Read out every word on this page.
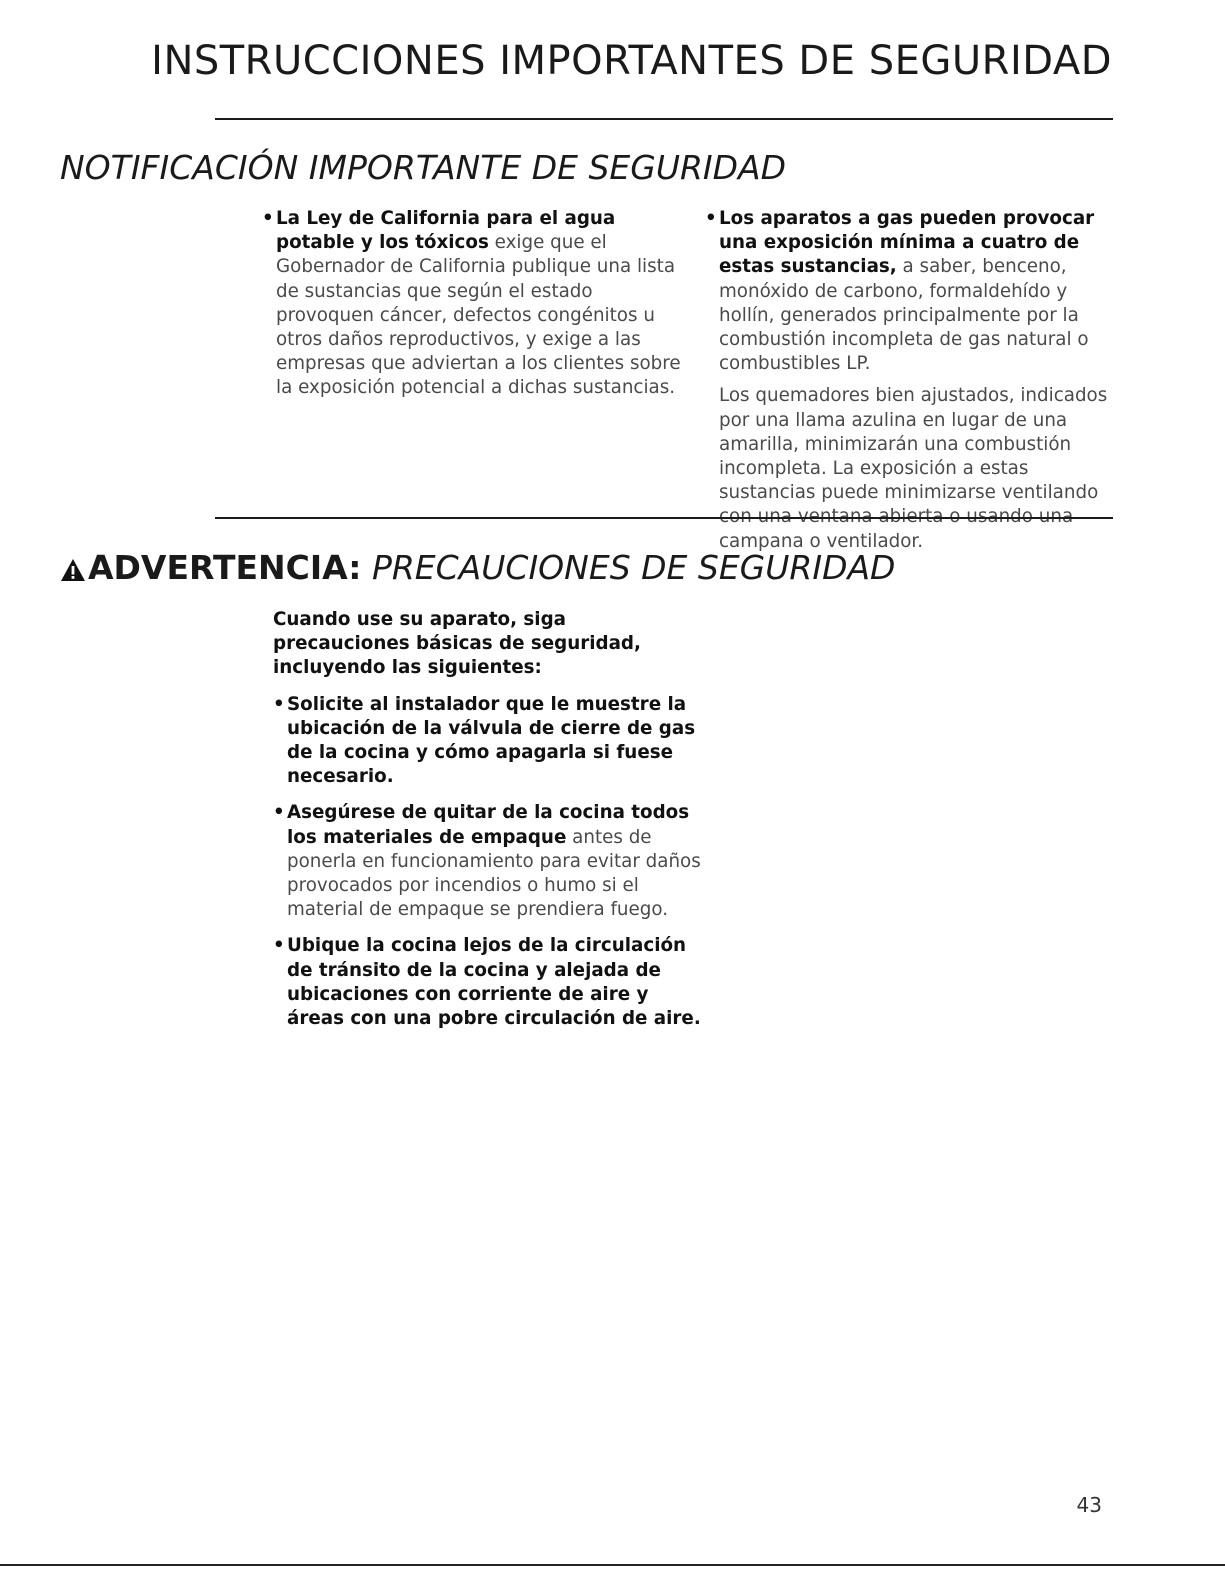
INSTRUCCIONES IMPORTANTES DE SEGURIDAD
NOTIFICACIÓN IMPORTANTE DE SEGURIDAD
• La Ley de California para el agua potable y los tóxicos exige que el Gobernador de California publique una lista de sustancias que según el estado provoquen cáncer, defectos congénitos u otros daños reproductivos, y exige a las empresas que adviertan a los clientes sobre la exposición potencial a dichas sustancias.

• Los aparatos a gas pueden provocar una exposición mínima a cuatro de estas sustancias, a saber, benceno, monóxido de carbono, formaldehído y hollín, generados principalmente por la combustión incompleta de gas natural o combustibles LP.

Los quemadores bien ajustados, indicados por una llama azulina en lugar de una amarilla, minimizarán una combustión incompleta. La exposición a estas sustancias puede minimizarse ventilando con una ventana abierta o usando una campana o ventilador.

ADVERTENCIA: PRECAUCIONES DE SEGURIDAD

Cuando use su aparato, siga precauciones básicas de seguridad, incluyendo las siguientes:

• Solicite al instalador que le muestre la ubicación de la válvula de cierre de gas de la cocina y cómo apagarla si fuese necesario.

• Asegúrese de quitar de la cocina todos los materiales de empaque antes de ponerla en funcionamiento para evitar daños provocados por incendios o humo si el material de empaque se prendiera fuego.

• Ubique la cocina lejos de la circulación de tránsito de la cocina y alejada de ubicaciones con corriente de aire y áreas con una pobre circulación de aire.

43
